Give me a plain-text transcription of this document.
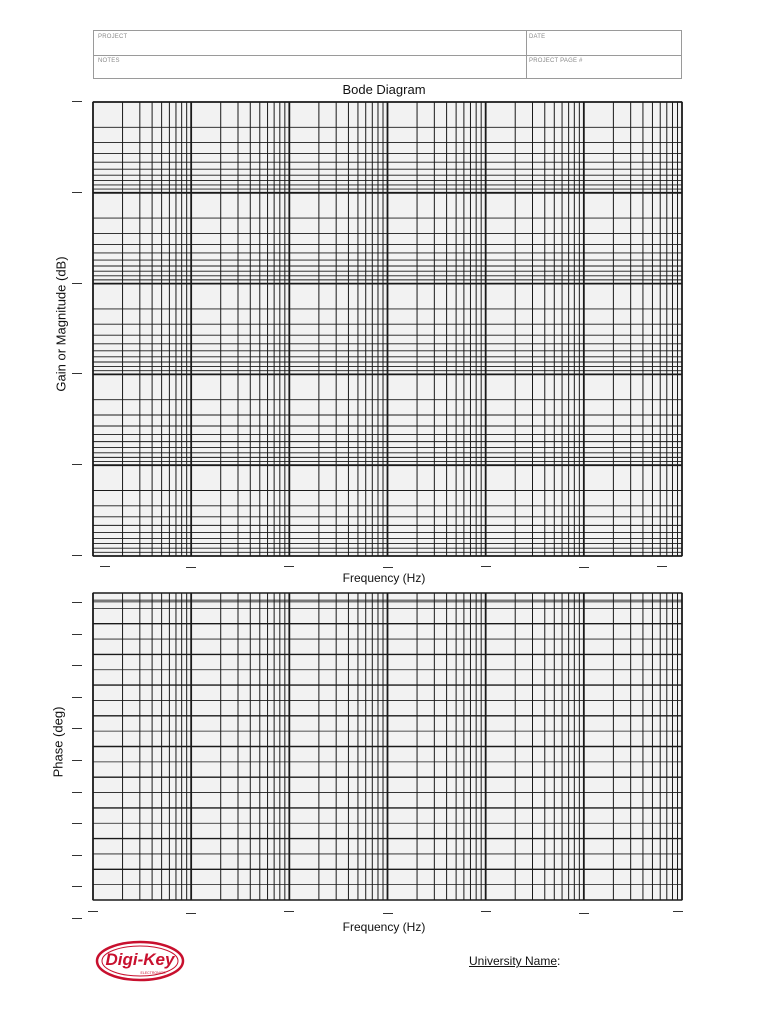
PROJECT	DATE
NOTES	PROJECT PAGE #
Bode Diagram
Gain or Magnitude (dB)
Frequency (Hz)
Phase (deg)
Frequency (Hz)
Digi-Key
ELECTRONICS
University Name:
